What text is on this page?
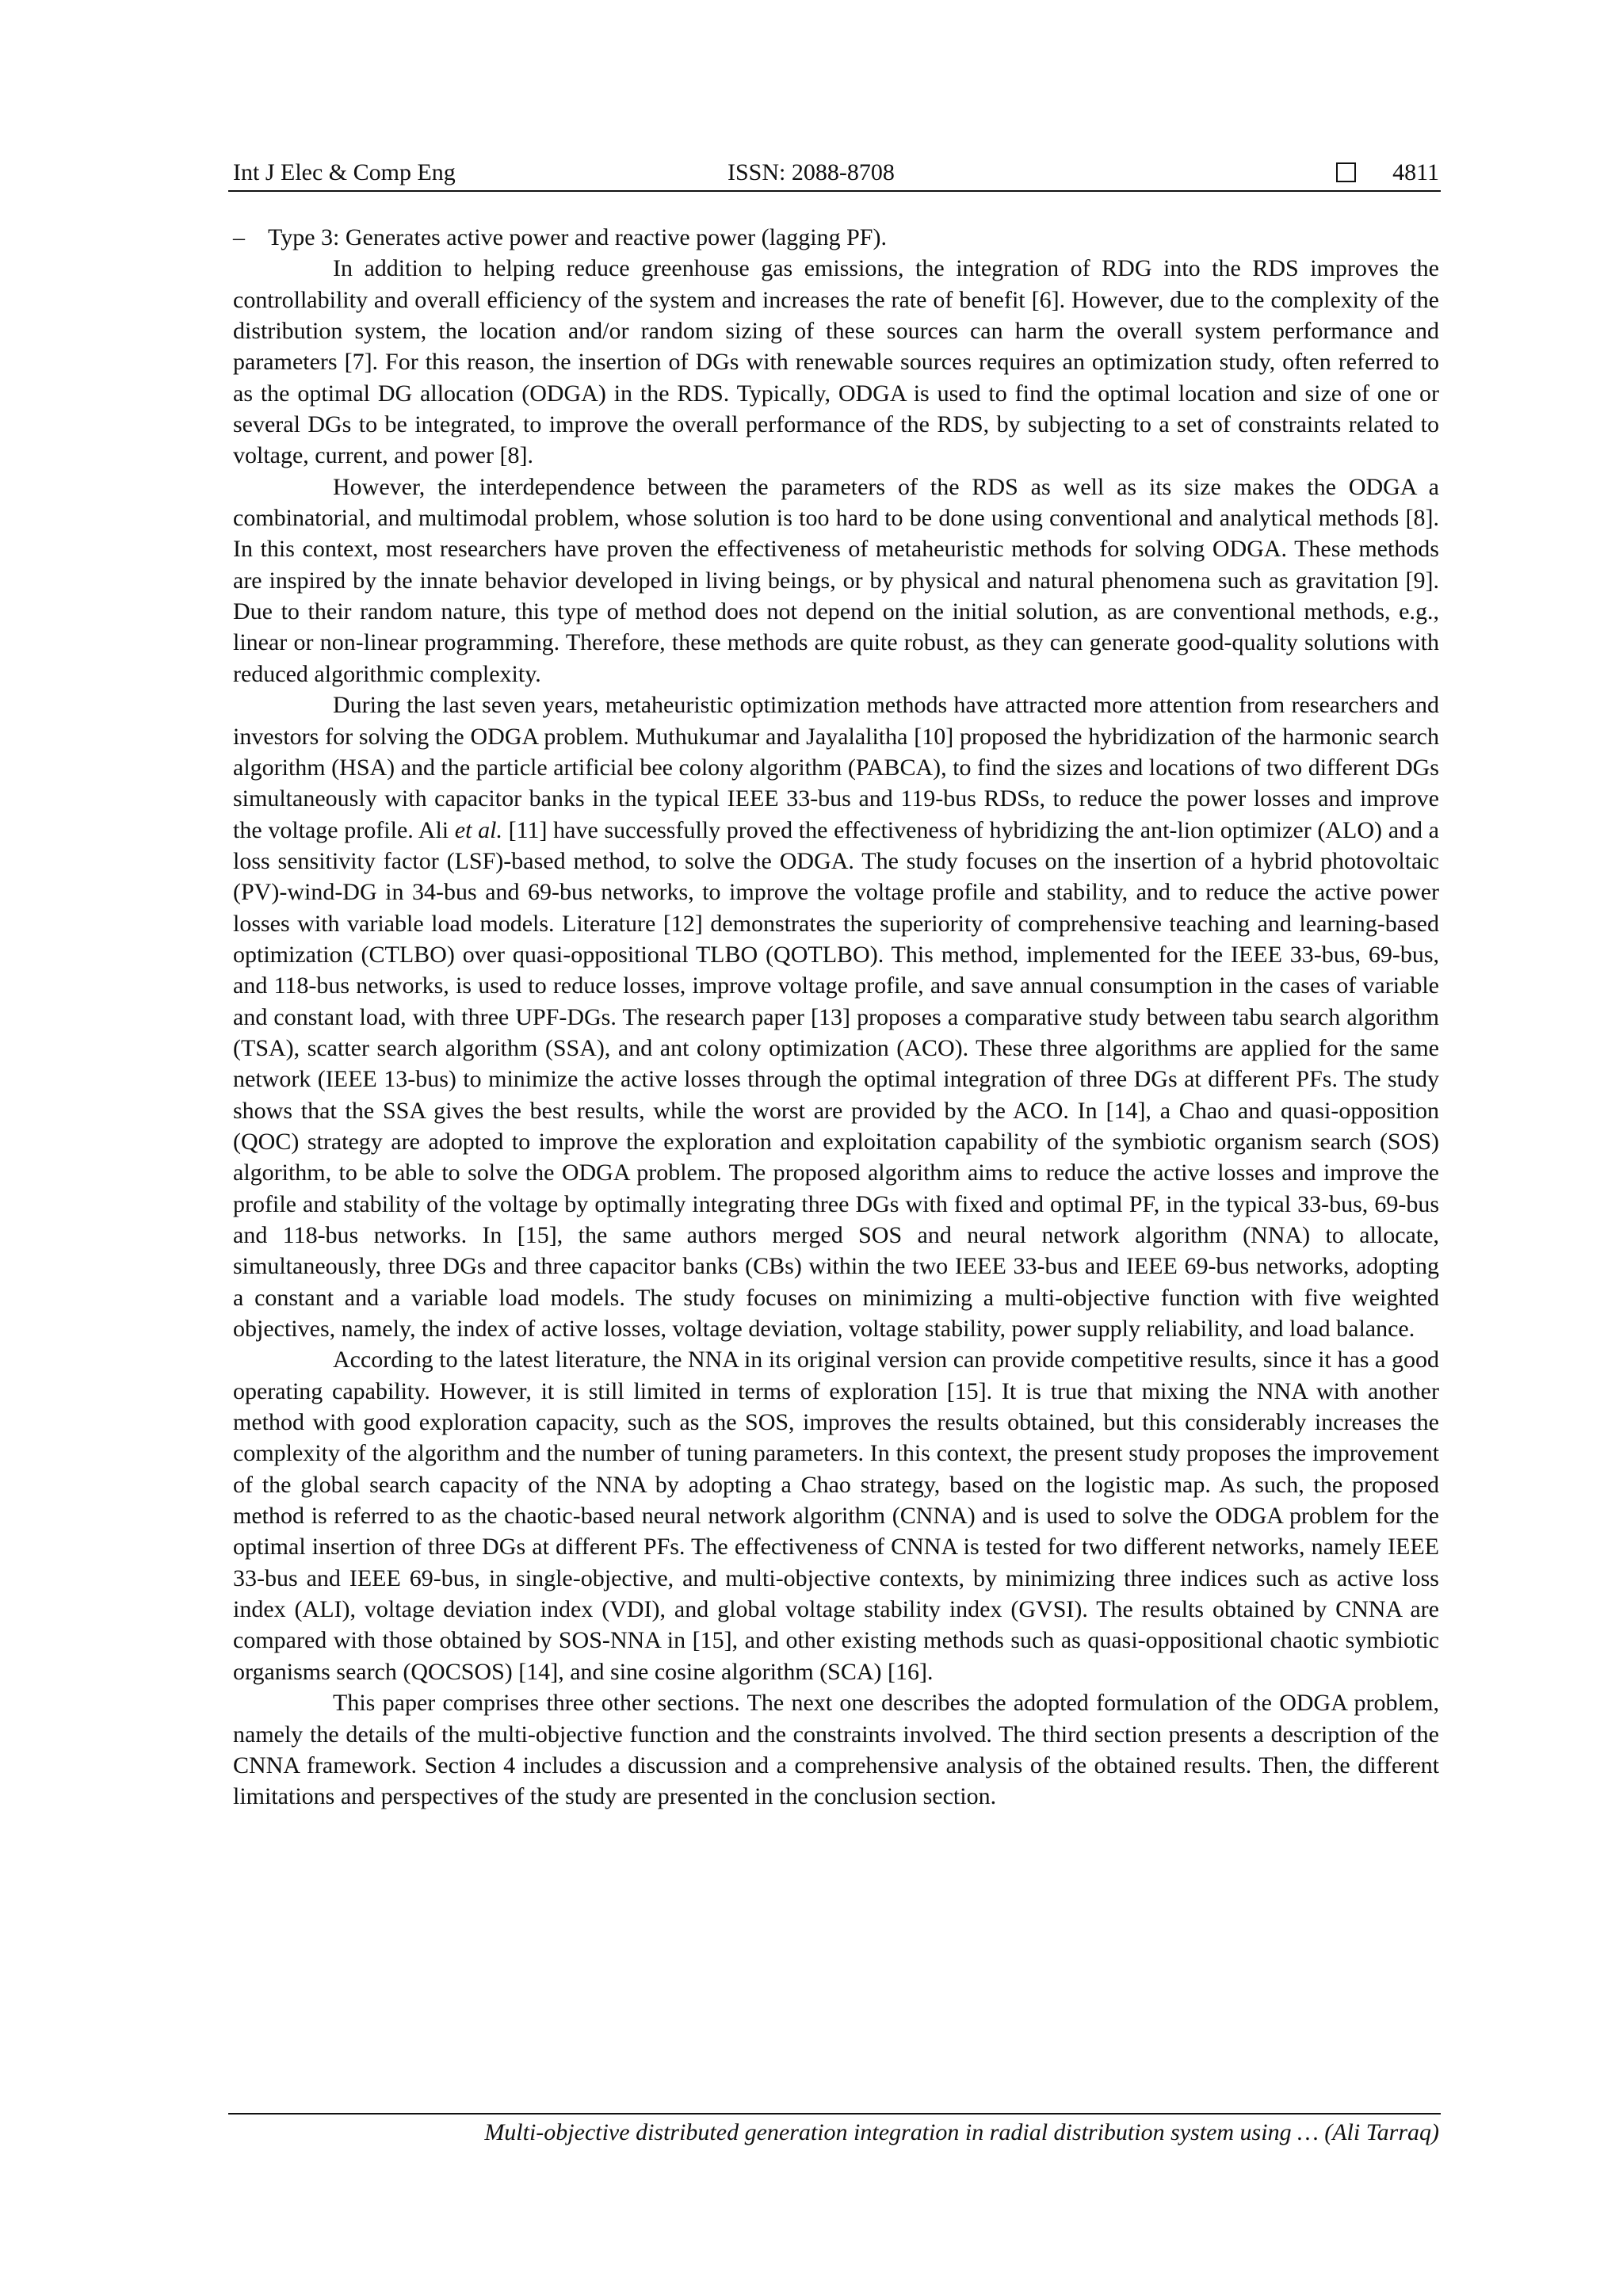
Int J Elec & Comp Eng	ISSN: 2088-8708	4811

– Type 3: Generates active power and reactive power (lagging PF).

In addition to helping reduce greenhouse gas emissions, the integration of RDG into the RDS improves the controllability and overall efficiency of the system and increases the rate of benefit [6]. However, due to the complexity of the distribution system, the location and/or random sizing of these sources can harm the overall system performance and parameters [7]. For this reason, the insertion of DGs with renewable sources requires an optimization study, often referred to as the optimal DG allocation (ODGA) in the RDS. Typically, ODGA is used to find the optimal location and size of one or several DGs to be integrated, to improve the overall performance of the RDS, by subjecting to a set of constraints related to voltage, current, and power [8].

However, the interdependence between the parameters of the RDS as well as its size makes the ODGA a combinatorial, and multimodal problem, whose solution is too hard to be done using conventional and analytical methods [8]. In this context, most researchers have proven the effectiveness of metaheuristic methods for solving ODGA. These methods are inspired by the innate behavior developed in living beings, or by physical and natural phenomena such as gravitation [9]. Due to their random nature, this type of method does not depend on the initial solution, as are conventional methods, e.g., linear or non-linear programming. Therefore, these methods are quite robust, as they can generate good-quality solutions with reduced algorithmic complexity.

During the last seven years, metaheuristic optimization methods have attracted more attention from researchers and investors for solving the ODGA problem. Muthukumar and Jayalalitha [10] proposed the hybridization of the harmonic search algorithm (HSA) and the particle artificial bee colony algorithm (PABCA), to find the sizes and locations of two different DGs simultaneously with capacitor banks in the typical IEEE 33-bus and 119-bus RDSs, to reduce the power losses and improve the voltage profile. Ali et al. [11] have successfully proved the effectiveness of hybridizing the ant-lion optimizer (ALO) and a loss sensitivity factor (LSF)-based method, to solve the ODGA. The study focuses on the insertion of a hybrid photovoltaic (PV)-wind-DG in 34-bus and 69-bus networks, to improve the voltage profile and stability, and to reduce the active power losses with variable load models. Literature [12] demonstrates the superiority of comprehensive teaching and learning-based optimization (CTLBO) over quasi-oppositional TLBO (QOTLBO). This method, implemented for the IEEE 33-bus, 69-bus, and 118-bus networks, is used to reduce losses, improve voltage profile, and save annual consumption in the cases of variable and constant load, with three UPF-DGs. The research paper [13] proposes a comparative study between tabu search algorithm (TSA), scatter search algorithm (SSA), and ant colony optimization (ACO). These three algorithms are applied for the same network (IEEE 13-bus) to minimize the active losses through the optimal integration of three DGs at different PFs. The study shows that the SSA gives the best results, while the worst are provided by the ACO. In [14], a Chao and quasi-opposition (QOC) strategy are adopted to improve the exploration and exploitation capability of the symbiotic organism search (SOS) algorithm, to be able to solve the ODGA problem. The proposed algorithm aims to reduce the active losses and improve the profile and stability of the voltage by optimally integrating three DGs with fixed and optimal PF, in the typical 33-bus, 69-bus and 118-bus networks. In [15], the same authors merged SOS and neural network algorithm (NNA) to allocate, simultaneously, three DGs and three capacitor banks (CBs) within the two IEEE 33-bus and IEEE 69-bus networks, adopting a constant and a variable load models. The study focuses on minimizing a multi-objective function with five weighted objectives, namely, the index of active losses, voltage deviation, voltage stability, power supply reliability, and load balance.

According to the latest literature, the NNA in its original version can provide competitive results, since it has a good operating capability. However, it is still limited in terms of exploration [15]. It is true that mixing the NNA with another method with good exploration capacity, such as the SOS, improves the results obtained, but this considerably increases the complexity of the algorithm and the number of tuning parameters. In this context, the present study proposes the improvement of the global search capacity of the NNA by adopting a Chao strategy, based on the logistic map. As such, the proposed method is referred to as the chaotic-based neural network algorithm (CNNA) and is used to solve the ODGA problem for the optimal insertion of three DGs at different PFs. The effectiveness of CNNA is tested for two different networks, namely IEEE 33-bus and IEEE 69-bus, in single-objective, and multi-objective contexts, by minimizing three indices such as active loss index (ALI), voltage deviation index (VDI), and global voltage stability index (GVSI). The results obtained by CNNA are compared with those obtained by SOS-NNA in [15], and other existing methods such as quasi-oppositional chaotic symbiotic organisms search (QOCSOS) [14], and sine cosine algorithm (SCA) [16].

This paper comprises three other sections. The next one describes the adopted formulation of the ODGA problem, namely the details of the multi-objective function and the constraints involved. The third section presents a description of the CNNA framework. Section 4 includes a discussion and a comprehensive analysis of the obtained results. Then, the different limitations and perspectives of the study are presented in the conclusion section.

Multi-objective distributed generation integration in radial distribution system using … (Ali Tarraq)
